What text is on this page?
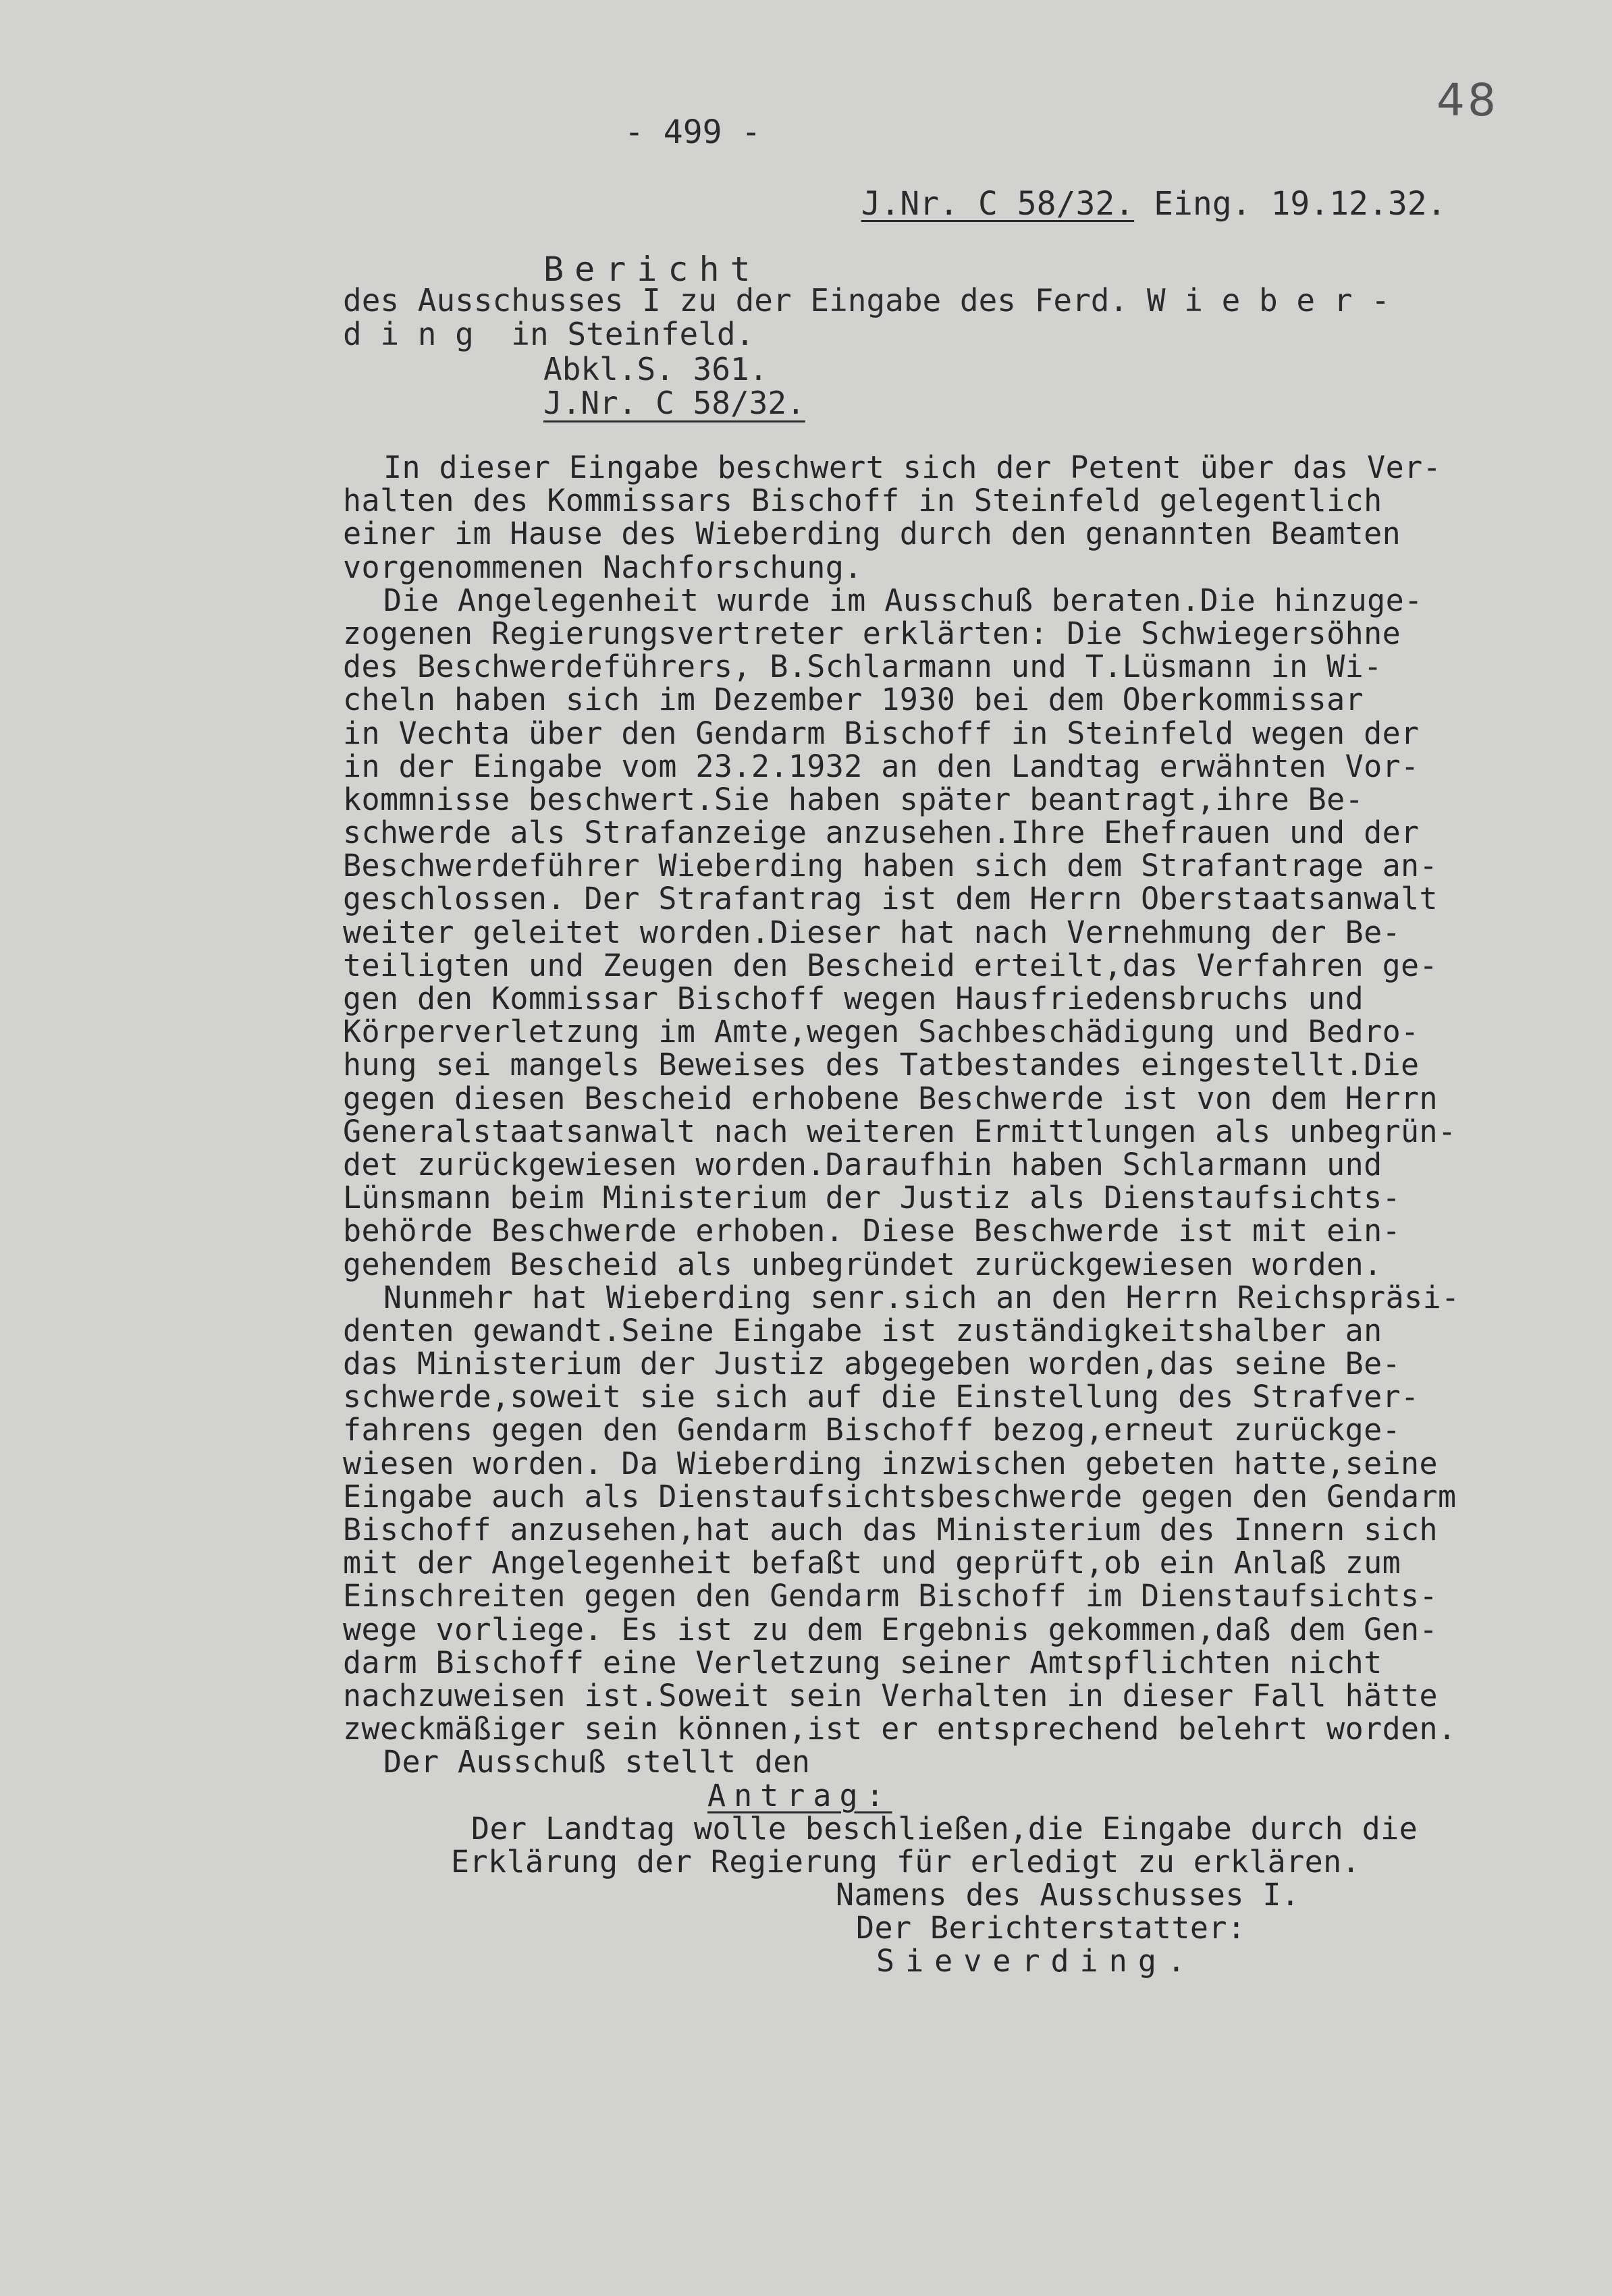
48
- 499 -

J.Nr. C 58/32. Eing. 19.12.32.

Bericht
des Ausschusses I zu der Eingabe des Ferd. W i e b e r -
d i n g  in Steinfeld.
Abkl.S. 361.
J.Nr. C 58/32.
In dieser Eingabe beschwert sich der Petent über das Ver-
halten des Kommissars Bischoff in Steinfeld gelegentlich
einer im Hause des Wieberding durch den genannten Beamten
vorgenommenen Nachforschung.
Die Angelegenheit wurde im Ausschuß beraten.Die hinzuge-
zogenen Regierungsvertreter erklärten: Die Schwiegersöhne
des Beschwerdeführers, B.Schlarmann und T.Lüsmann in Wi-
cheln haben sich im Dezember 1930 bei dem Oberkommissar
in Vechta über den Gendarm Bischoff in Steinfeld wegen der
in der Eingabe vom 23.2.1932 an den Landtag erwähnten Vor-
kommnisse beschwert.Sie haben später beantragt,ihre Be-
schwerde als Strafanzeige anzusehen.Ihre Ehefrauen und der
Beschwerdeführer Wieberding haben sich dem Strafantrage an-
geschlossen. Der Strafantrag ist dem Herrn Oberstaatsanwalt
weiter geleitet worden.Dieser hat nach Vernehmung der Be-
teiligten und Zeugen den Bescheid erteilt,das Verfahren ge-
gen den Kommissar Bischoff wegen Hausfriedensbruchs und
Körperverletzung im Amte,wegen Sachbeschädigung und Bedro-
hung sei mangels Beweises des Tatbestandes eingestellt.Die
gegen diesen Bescheid erhobene Beschwerde ist von dem Herrn
Generalstaatsanwalt nach weiteren Ermittlungen als unbegrün-
det zurückgewiesen worden.Daraufhin haben Schlarmann und
Lünsmann beim Ministerium der Justiz als Dienstaufsichts-
behörde Beschwerde erhoben. Diese Beschwerde ist mit ein-
gehendem Bescheid als unbegründet zurückgewiesen worden.
Nunmehr hat Wieberding senr.sich an den Herrn Reichspräsi-
denten gewandt.Seine Eingabe ist zuständigkeitshalber an
das Ministerium der Justiz abgegeben worden,das seine Be-
schwerde,soweit sie sich auf die Einstellung des Strafver-
fahrens gegen den Gendarm Bischoff bezog,erneut zurückge-
wiesen worden. Da Wieberding inzwischen gebeten hatte,seine
Eingabe auch als Dienstaufsichtsbeschwerde gegen den Gendarm
Bischoff anzusehen,hat auch das Ministerium des Innern sich
mit der Angelegenheit befaßt und geprüft,ob ein Anlaß zum
Einschreiten gegen den Gendarm Bischoff im Dienstaufsichts-
wege vorliege. Es ist zu dem Ergebnis gekommen,daß dem Gen-
darm Bischoff eine Verletzung seiner Amtspflichten nicht
nachzuweisen ist.Soweit sein Verhalten in dieser Fall hätte
zweckmäßiger sein können,ist er entsprechend belehrt worden.
Der Ausschuß stellt den
Antrag:
Der Landtag wolle beschließen,die Eingabe durch die
Erklärung der Regierung für erledigt zu erklären.
Namens des Ausschusses I.
Der Berichterstatter:
Sieverding.
